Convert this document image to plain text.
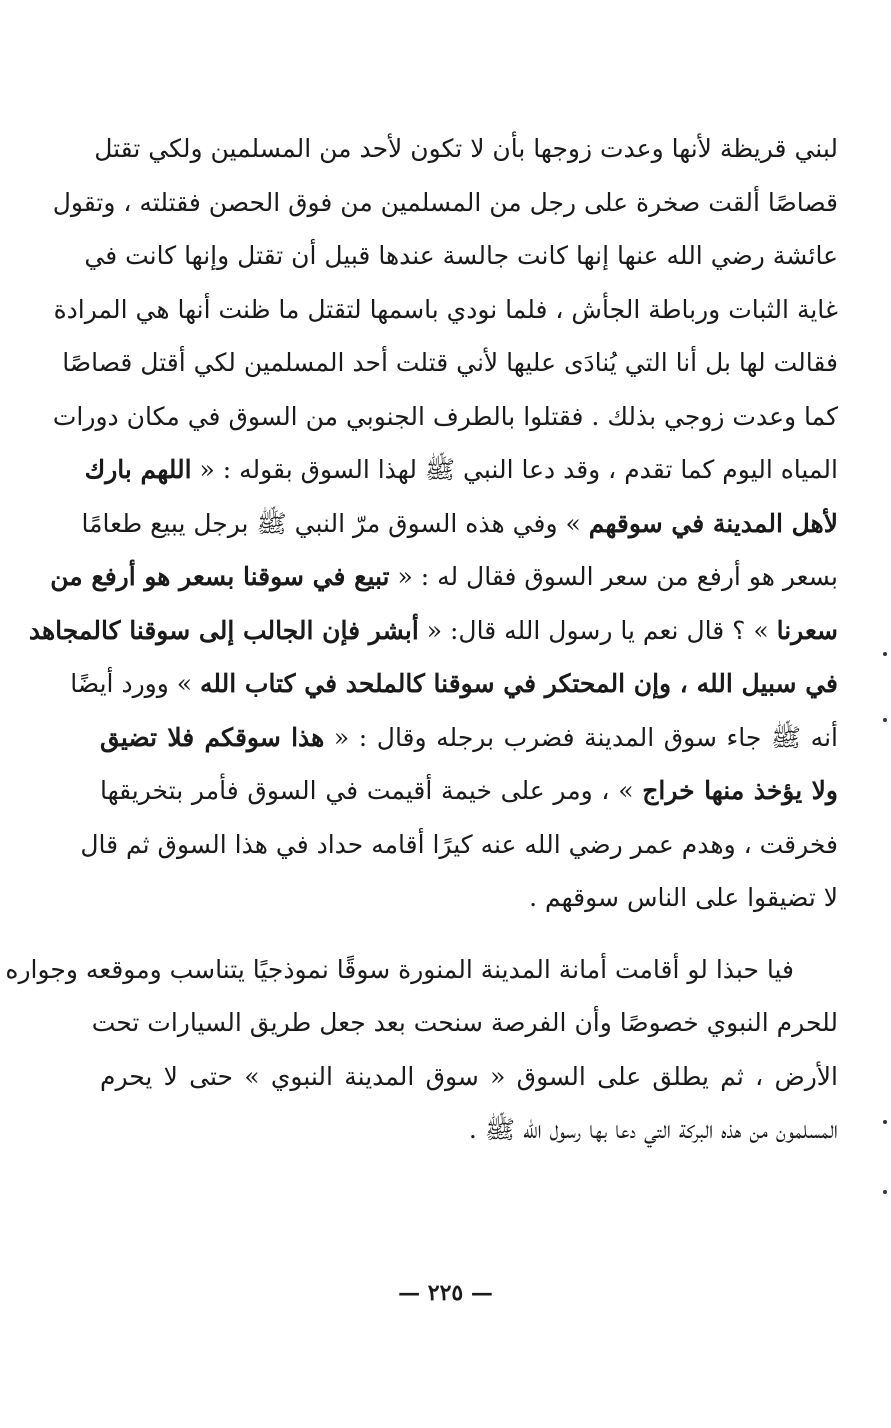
لبني قريظة لأنها وعدت زوجها بأن لا تكون لأحد من المسلمين ولكي تقتل
قصاصًا ألقت صخرة على رجل من المسلمين من فوق الحصن فقتلته ، وتقول
عائشة رضي الله عنها إنها كانت جالسة عندها قبيل أن تقتل وإنها كانت في
غاية الثبات ورباطة الجأش ، فلما نودي باسمها لتقتل ما ظنت أنها هي المرادة
فقالت لها بل أنا التي يُنادَى عليها لأني قتلت أحد المسلمين لكي أقتل قصاصًا
كما وعدت زوجي بذلك . فقتلوا بالطرف الجنوبي من السوق في مكان دورات
المياه اليوم كما تقدم ، وقد دعا النبي ﷺ لهذا السوق بقوله : « اللهم بارك
لأهل المدينة في سوقهم » وفي هذه السوق مرّ النبي ﷺ برجل يبيع طعامًا
بسعر هو أرفع من سعر السوق فقال له : « تبيع في سوقنا بسعر هو أرفع من
سعرنا » ؟ قال نعم يا رسول الله قال: « أبشر فإن الجالب إلى سوقنا كالمجاهد
في سبيل الله ، وإن المحتكر في سوقنا كالملحد في كتاب الله » وورد أيضًا
أنه ﷺ جاء سوق المدينة فضرب برجله وقال : « هذا سوقكم فلا تضيق
ولا يؤخذ منها خراج » ، ومر على خيمة أقيمت في السوق فأمر بتخريقها
فخرقت ، وهدم عمر رضي الله عنه كيرًا أقامه حداد في هذا السوق ثم قال
لا تضيقوا على الناس سوقهم .
فيا حبذا لو أقامت أمانة المدينة المنورة سوقًا نموذجيًا يتناسب وموقعه وجواره
للحرم النبوي خصوصًا وأن الفرصة سنحت بعد جعل طريق السيارات تحت
الأرض ، ثم يطلق على السوق « سوق المدينة النبوي » حتى لا يحرم
المسلمون من هذه البركة التي دعا بها رسول الله ﷺ .
— ٢٢٥ —
